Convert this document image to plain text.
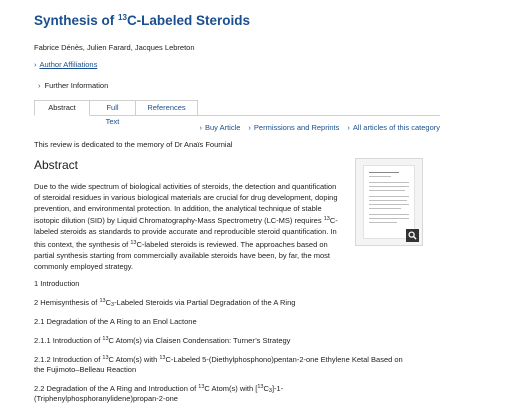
Synthesis of $^{13}$C-Labeled Steroids
Fabrice Dénès, Julien Farard, Jacques Lebreton
› Author Affiliations
› Further Information
Abstract	Full Text
References
› Buy Article › Permissions and Reprints › All articles of this category
This review is dedicated to the memory of Dr Anaïs Fournial
Abstract
Due to the wide spectrum of biological activities of steroids, the detection and quantification of steroidal residues in various biological materials are crucial for drug development, doping prevention, and environmental protection. In addition, the analytical technique of stable isotopic dilution (SID) by Liquid Chromatography-Mass Spectrometry (LC-MS) requires $^{13}$C-labeled steroids as standards to provide accurate and reproducible steroid quantification. In this context, the synthesis of $^{13}$C-labeled steroids is reviewed. The approaches based on partial synthesis starting from commercially available steroids have been, by far, the most commonly employed strategy.
1 Introduction
2 Hemisynthesis of $^{13}C_3$-Labeled Steroids via Partial Degradation of the A Ring
2.1 Degradation of the A Ring to an Enol Lactone
2.1.1 Introduction of $^{13}$C Atom(s) via Claisen Condensation: Turner’s Strategy
2.1.2 Introduction of $^{13}$C Atom(s) with $^{13}$C-Labeled 5-(Diethylphosphono)pentan-2-one Ethylene Ketal Based on
the Fujimoto–Belleau Reaction
2.2 Degradation of the A Ring and Introduction of $^{13}$C Atom(s) with $[^{13}C_3]-1-$
(Triphenylphosphoranylidene)propan-2-one
